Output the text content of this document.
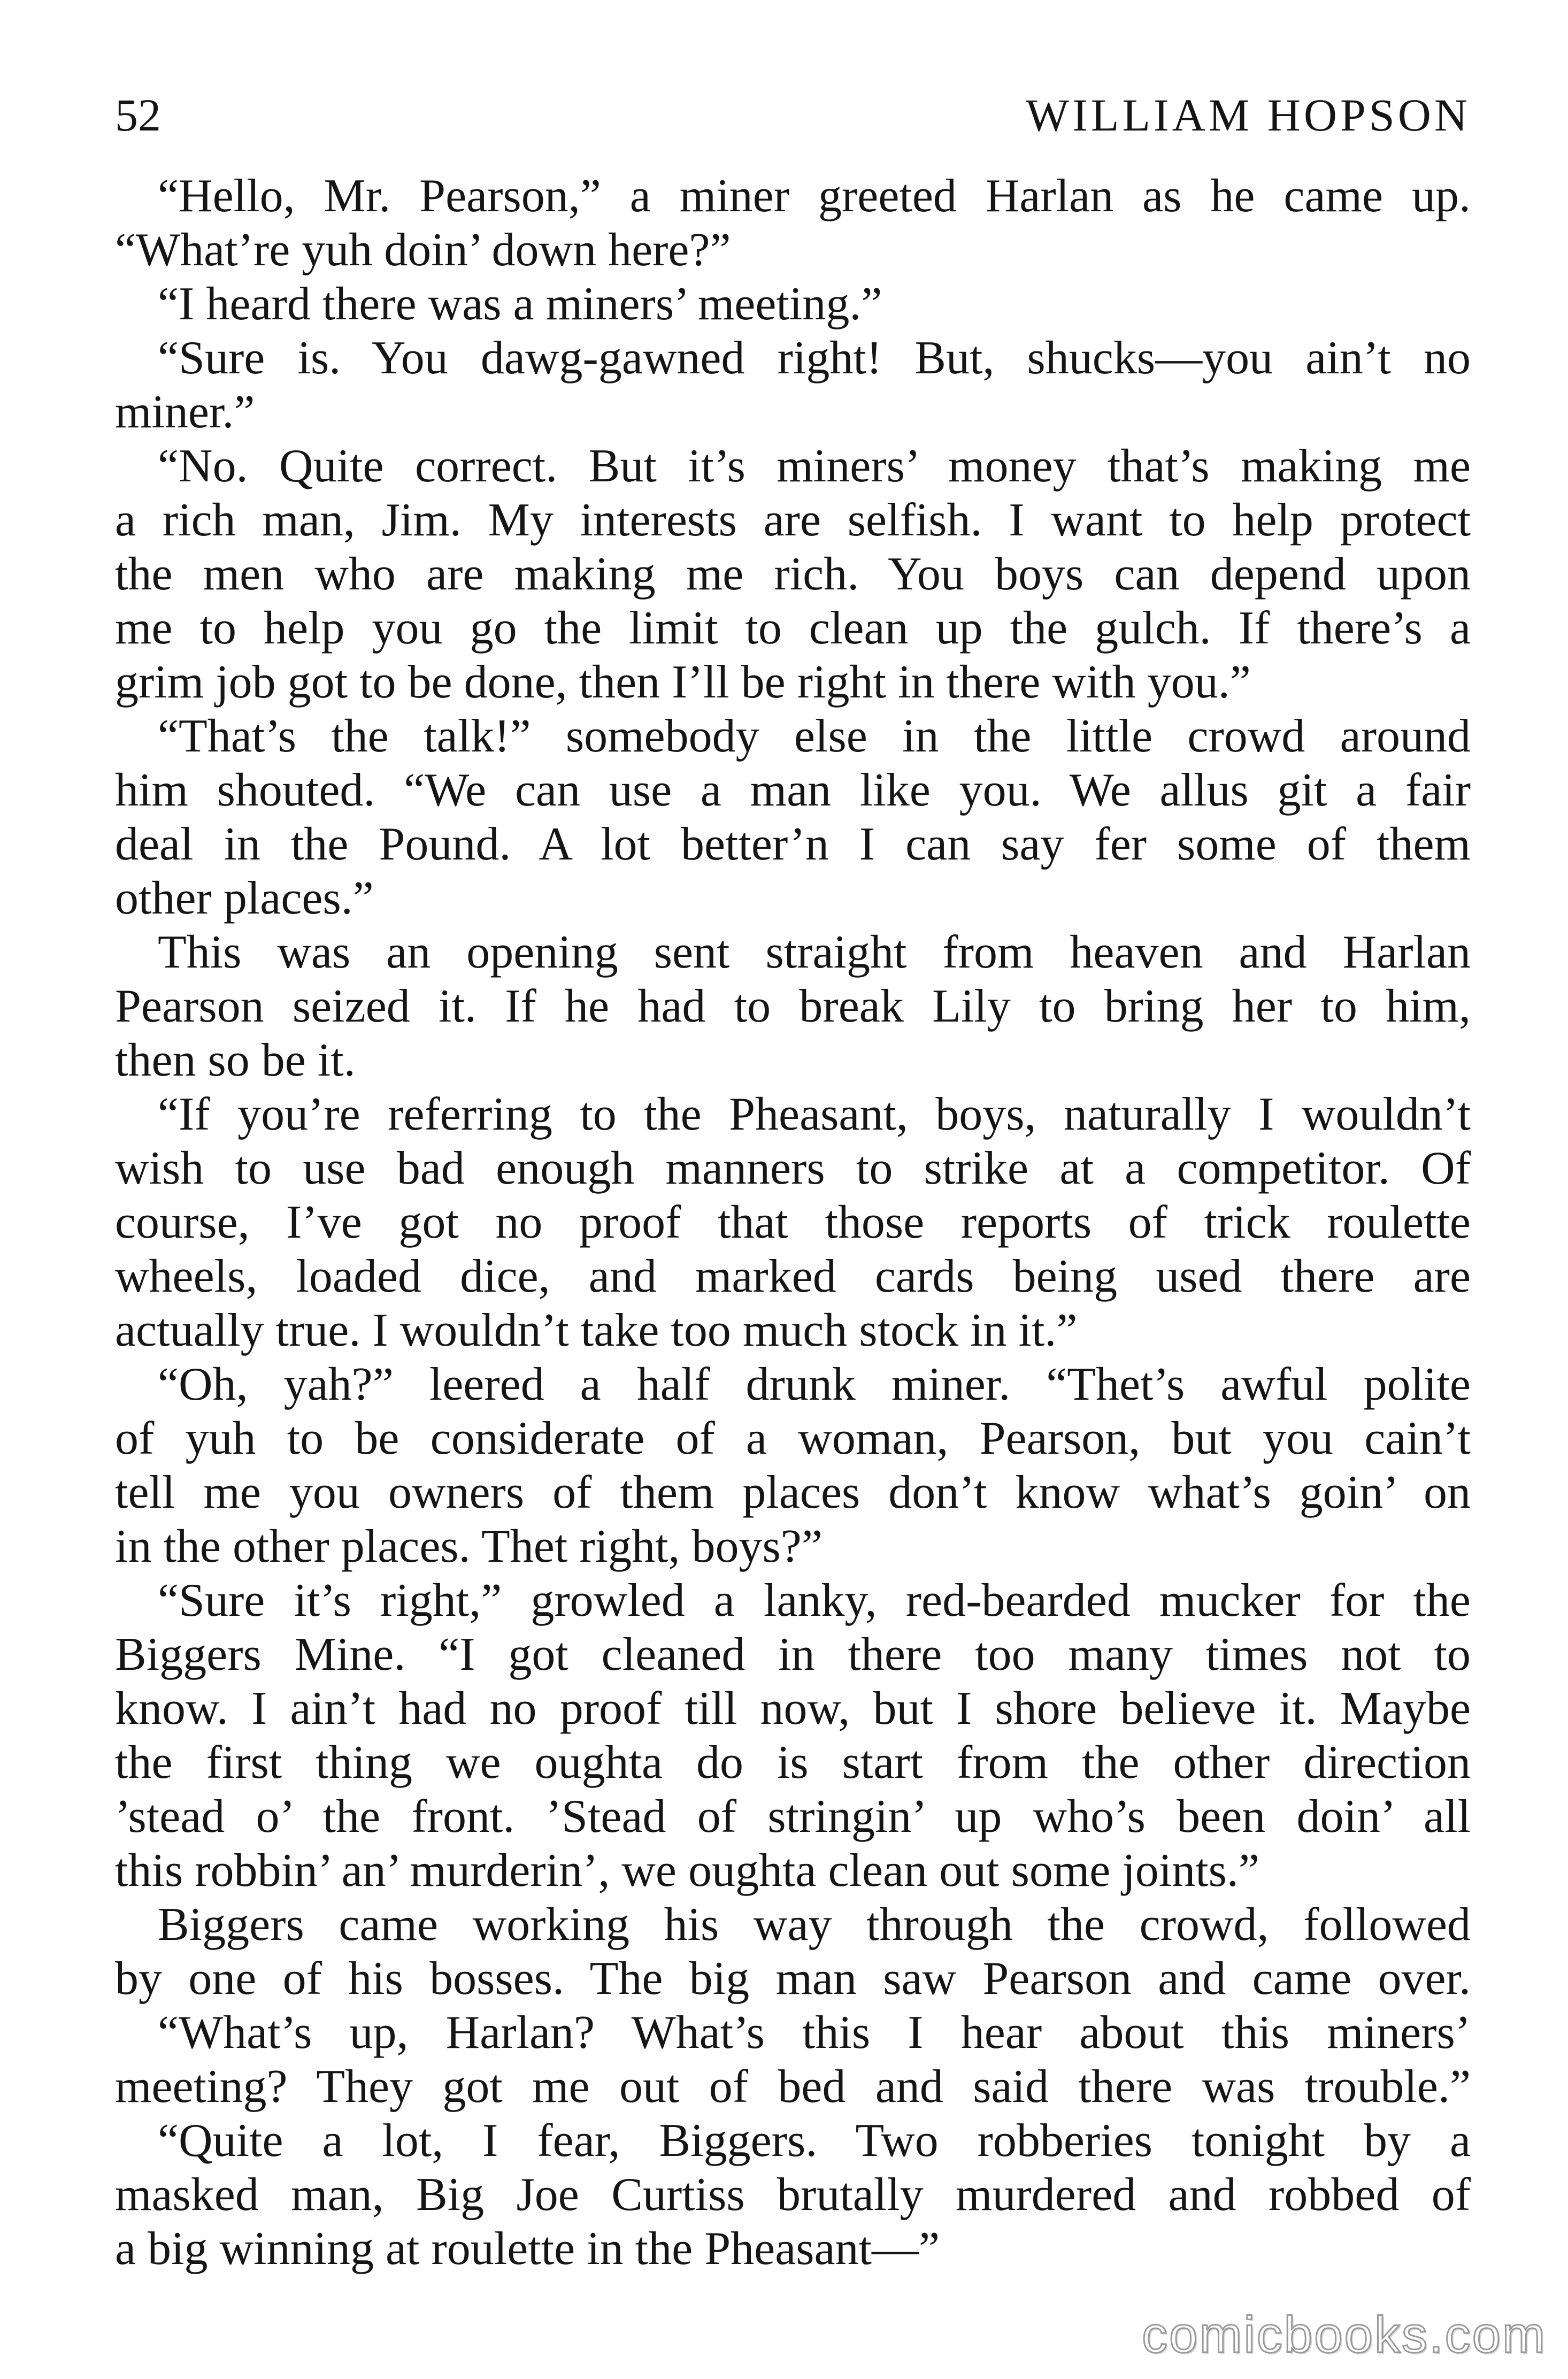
52	WILLIAM HOPSON
“Hello, Mr. Pearson,” a miner greeted Harlan as he came up.
“What’re yuh doin’ down here?”
“I heard there was a miners’ meeting.”
“Sure is. You dawg-gawned right! But, shucks—you ain’t no
miner.”
“No. Quite correct. But it’s miners’ money that’s making me
a rich man, Jim. My interests are selfish. I want to help protect
the men who are making me rich. You boys can depend upon
me to help you go the limit to clean up the gulch. If there’s a
grim job got to be done, then I’ll be right in there with you.”
“That’s the talk!” somebody else in the little crowd around
him shouted. “We can use a man like you. We allus git a fair
deal in the Pound. A lot better’n I can say fer some of them
other places.”
This was an opening sent straight from heaven and Harlan
Pearson seized it. If he had to break Lily to bring her to him,
then so be it.
“If you’re referring to the Pheasant, boys, naturally I wouldn’t
wish to use bad enough manners to strike at a competitor. Of
course, I’ve got no proof that those reports of trick roulette
wheels, loaded dice, and marked cards being used there are
actually true. I wouldn’t take too much stock in it.”
“Oh, yah?” leered a half drunk miner. “Thet’s awful polite
of yuh to be considerate of a woman, Pearson, but you cain’t
tell me you owners of them places don’t know what’s goin’ on
in the other places. Thet right, boys?”
“Sure it’s right,” growled a lanky, red-bearded mucker for the
Biggers Mine. “I got cleaned in there too many times not to
know. I ain’t had no proof till now, but I shore believe it. Maybe
the first thing we oughta do is start from the other direction
’stead o’ the front. ’Stead of stringin’ up who’s been doin’ all
this robbin’ an’ murderin’, we oughta clean out some joints.”
Biggers came working his way through the crowd, followed
by one of his bosses. The big man saw Pearson and came over.
“What’s up, Harlan? What’s this I hear about this miners’
meeting? They got me out of bed and said there was trouble.”
“Quite a lot, I fear, Biggers. Two robberies tonight by a
masked man, Big Joe Curtiss brutally murdered and robbed of
a big winning at roulette in the Pheasant—”
comicbooks.com
